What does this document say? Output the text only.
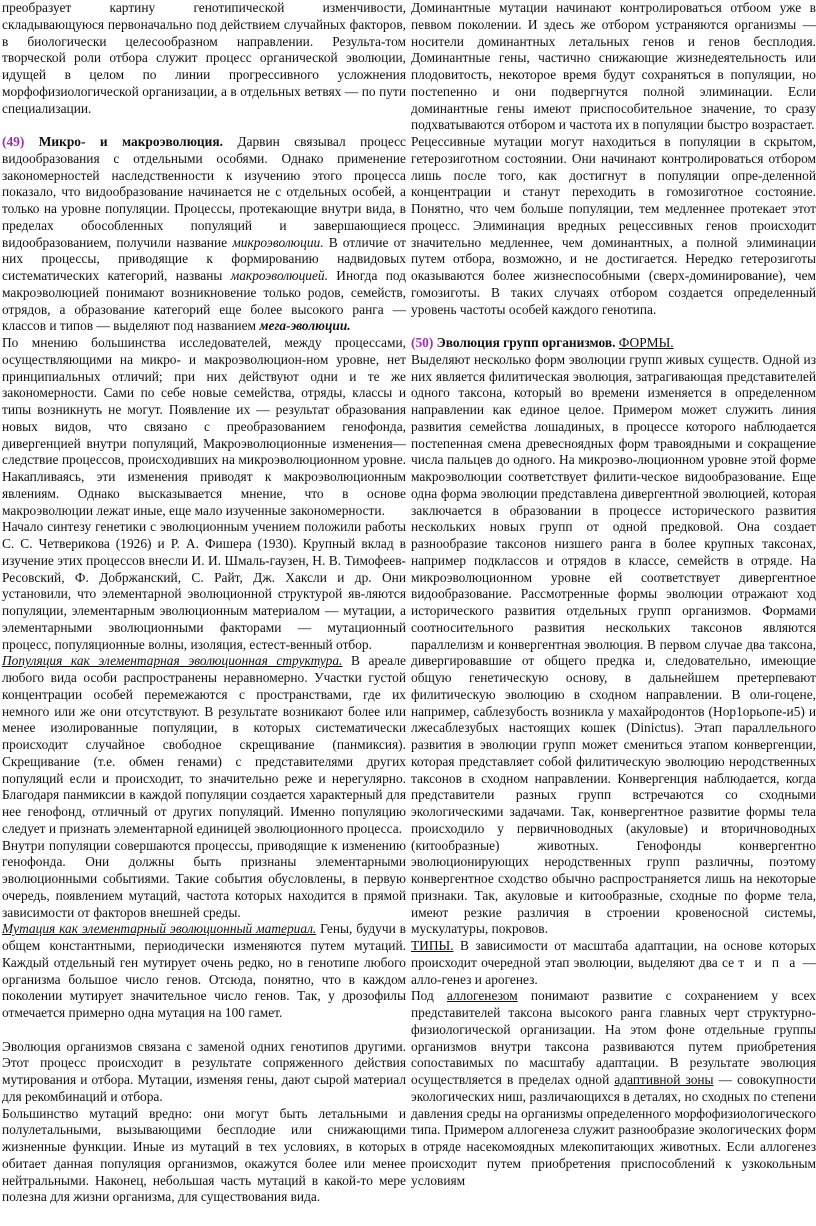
преобразует картину генотипической изменчивости, складывающуюся первоначально под действием случайных факторов, в биологически целесообразном направлении. Результа-том творческой роли отбора служит процесс органической эволюции, идущей в целом по линии прогрессивного усложнения морфофизиологической организации, а в отдельных ветвях — по пути специализации.

(49) Микро- и макроэволюция. Дарвин связывал процесс видообразования с отдельными особями. Однако применение закономерностей наследственности к изучению этого процесса показало, что видообразование начинается не с отдельных особей, а только на уровне популяции. Процессы, протекающие внутри вида, в пределах обособленных популяций и завершающиеся видообразованием, получили название микроэволюции. В отличие от них процессы, приводящие к формированию надвидовых систематических категорий, названы макроэволюцией. Иногда под макроэволюцией понимают возникновение только родов, семейств, отрядов, а образование категорий еще более высокого ранга — классов и типов — выделяют под названием мега-эволюции.

По мнению большинства исследователей, между процессами, осуществляющими на микро- и макроэволюцион-ном уровне, нет принципиальных отличий; при них действуют одни и те же закономерности. Сами по себе новые семейства, отряды, классы и типы возникнуть не могут. Появление их — результат образования новых видов, что связано с преобразованием генофонда, дивергенцией внутри популяций, Макроэволюционные изменения— следствие процессов, происходивших на микроэволюционном уровне. Накапливаясь, эти изменения приводят к макроэволюционным явлениям. Однако высказывается мнение, что в основе макроэволюции лежат иные, еще мало изученные закономерности.

Начало синтезу генетики с эволюционным учением положили работы С. С. Четверикова (1926) и Р. А. Фишера (1930). Крупный вклад в изучение этих процессов внесли И. И. Шмаль-гаузен, Н. В. Тимофеев-Ресовский, Ф. Добржанский, С. Райт, Дж. Хаксли и др. Они установили, что элементарной эволюционной структурой яв-ляются популяции, элементарным эволюционным материалом — мутации, а элементарными эволюционными факторами — мутационный процесс, популяционные волны, изоляция, естест-венный отбор.

Популяция как элементарная эволюционная структура. В ареале любого вида особи распространены неравномерно. Участки густой концентрации особей перемежаются с пространствами, где их немного или же они отсутствуют. В результате возникают более или менее изолированные популяции, в которых систематически происходит случайное свободное скрещивание (панмиксия). Скрещивание (т.е. обмен генами) с представителями других популяций если и происходит, то значительно реже и нерегулярно. Благодаря панмиксии в каждой популяции создается характерный для нее генофонд, отличный от других популяций. Именно популяцию следует и признать элементарной единицей эволюционного процесса.

Внутри популяции совершаются процессы, приводящие к изменению генофонда. Они должны быть признаны элементарными эволюционными событиями. Такие события обусловлены, в первую очередь, появлением мутаций, частота которых находится в прямой зависимости от факторов внешней среды.

Мутация как элементарный эволюционный материал. Гены, будучи в общем константными, периодически изменяются путем мутаций. Каждый отдельный ген мутирует очень редко, но в генотипе любого организма большое число генов. Отсюда, понятно, что в каждом поколении мутирует значительное число генов. Так, у дрозофилы отмечается примерно одна мутация на 100 гамет.

Эволюция организмов связана с заменой одних генотипов другими. Этот процесс происходит в результате сопряженного действия мутирования и отбора. Мутации, изменяя гены, дают сырой материал для рекомбинаций и отбора.

Большинство мутаций вредно: они могут быть летальными и полулетальными, вызывающими бесплодие или снижающими жизненные функции. Иные из мутаций в тех условиях, в которых обитает данная популяция организмов, окажутся более или менее нейтральными. Наконец, небольшая часть мутаций в какой-то мере полезна для жизни организма, для существования вида.

Доминантные мутации начинают контролироваться отбоом уже в певвом поколении. И здесь же отбором устраняются организмы — носители доминантных летальных генов и генов бесплодия. Доминантные гены, частично снижающие жизнедеятельность или плодовитость, некоторое время будут сохраняться в популяции, но постепенно и они подвергнутся полной элиминации. Если доминантные гены имеют приспособительное значение, то сразу подхватываются отбором и частота их в популяции быстро возрастает.

Рецессивные мутации могут находиться в популяции в скрытом, гетерозиготном состоянии. Они начинают контролироваться отбором лишь после того, как достигнут в популяции опре-деленной концентрации и станут переходить в гомозиготное состояние. Понятно, что чем больше популяции, тем медленнее протекает этот процесс. Элиминация вредных рецессивных генов происходит значительно медленнее, чем доминантных, а полной элиминации путем отбора, возможно, и не достигается. Нередко гетерозиготы оказываются более жизнеспособными (сверх-доминирование), чем гомозиготы. В таких случаях отбором создается определенный уровень частоты особей каждого генотипа.

(50) Эволюция групп организмов. ФОРМЫ.

Выделяют несколько форм эволюции групп живых существ. Одной из них является филитическая эволюция, затрагивающая представителей одного таксона, который во времени изменяется в определенном направлении как единое целое. Примером может служить линия развития семейства лошадиных, в процессе которого наблюдается постепенная смена древесноядных форм травоядными и сокращение числа пальцев до одного. На микроэво-люционном уровне этой форме макроэволюции соответствует филити-ческое видообразование. Еще одна форма эволюции представлена дивергентной эволюцией, которая заключается в образовании в процессе исторического развития нескольких новых групп от одной предковой. Она создает разнообразие таксонов низшего ранга в более крупных таксонах, например подклассов и отрядов в классе, семейств в отряде. На микроэволюционном уровне ей соответствует дивергентное видообразование. Рассмотренные формы эволюции отражают ход исторического развития отдельных групп организмов. Формами соотносительного развития нескольких таксонов являются параллелизм и конвергентная эволюция. В первом случае два таксона, дивергировавшие от общего предка и, следовательно, имеющие общую генетическую основу, в дальнейшем претерпевают филитическую эволюцию в сходном направлении. В оли-гоцене, например, саблезубость возникла у махайродонтов (Hop1opьопе-и5) и лжесаблезубых настоящих кошек (Dinictus). Этап параллельного развития в эволюции групп может смениться этапом конвергенции, которая представляет собой филитическую эволюцию неродственных таксонов в сходном направлении. Конвергенция наблюдается, когда представители разных групп встречаются со сходными экологическими задачами. Так, конвергентное развитие формы тела происходило у первичноводных (акуловые) и вторичноводных (китообразные) животных. Генофонды конвергентно эволюционирующих неродственных групп различны, поэтому конвергентное сходство обычно распространяется лишь на некоторые признаки. Так, акуловые и китообразные, сходные по форме тела, имеют резкие различия в строении кровеносной системы, мускулатуры, покровов.

ТИПЫ. В зависимости от масштаба адаптации, на основе которых происходит очередной этап эволюции, выделяют два се т и п а — алло-генез и арогенез.

Под аллогенезом понимают развитие с сохранением у всех представителей таксона высокого ранга главных черт структурно-физиологической организации. На этом фоне отдельные группы организмов внутри таксона развиваются путем приобретения сопоставимых по масштабу адаптации. В результате эволюция осуществляется в пределах одной адаптивной зоны — совокупности экологических ниш, различающихся в деталях, но сходных по степени давления среды на организмы определенного морфофизиологического типа. Примером аллогенеза служит разнообразие экологических форм в отряде насекомоядных млекопитающих животных. Если аллогенез происходит путем приобретения приспособлений к узкокольным условиям
